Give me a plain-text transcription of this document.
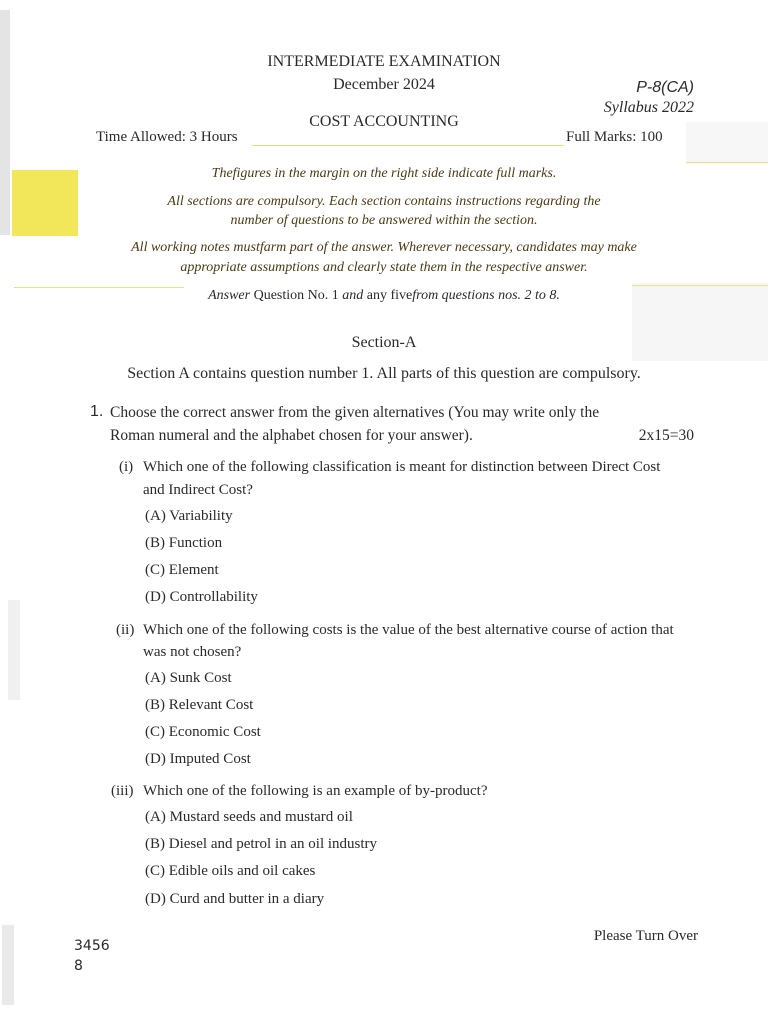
INTERMEDIATE EXAMINATION
December 2024	P-8(CA)
Syllabus 2022
COST ACCOUNTING
Time Allowed: 3 Hours	Full Marks: 100
Thefigures in the margin on the right side indicate full marks.
All sections are compulsory. Each section contains instructions regarding the
number of questions to be answered within the section.
All working notes mustfarm part of the answer. Wherever necessary, candidates may make
appropriate assumptions and clearly state them in the respective answer.
Answer Question No. 1 and any fivefrom questions nos. 2 to 8.
Section-A
Section A contains question number 1. All parts of this question are compulsory.
1. Choose the correct answer from the given alternatives (You may write only the
Roman numeral and the alphabet chosen for your answer).	2x15=30
(i) Which one of the following classification is meant for distinction between Direct Cost
and Indirect Cost?
(A) Variability
(B) Function
(C) Element
(D) Controllability
(ii) Which one of the following costs is the value of the best alternative course of action that
was not chosen?
(A) Sunk Cost
(B) Relevant Cost
(C) Economic Cost
(D) Imputed Cost
(iii) Which one of the following is an example of by-product?
(A) Mustard seeds and mustard oil
(B) Diesel and petrol in an oil industry
(C) Edible oils and oil cakes
(D) Curd and butter in a diary
3456
8
Please Turn Over
